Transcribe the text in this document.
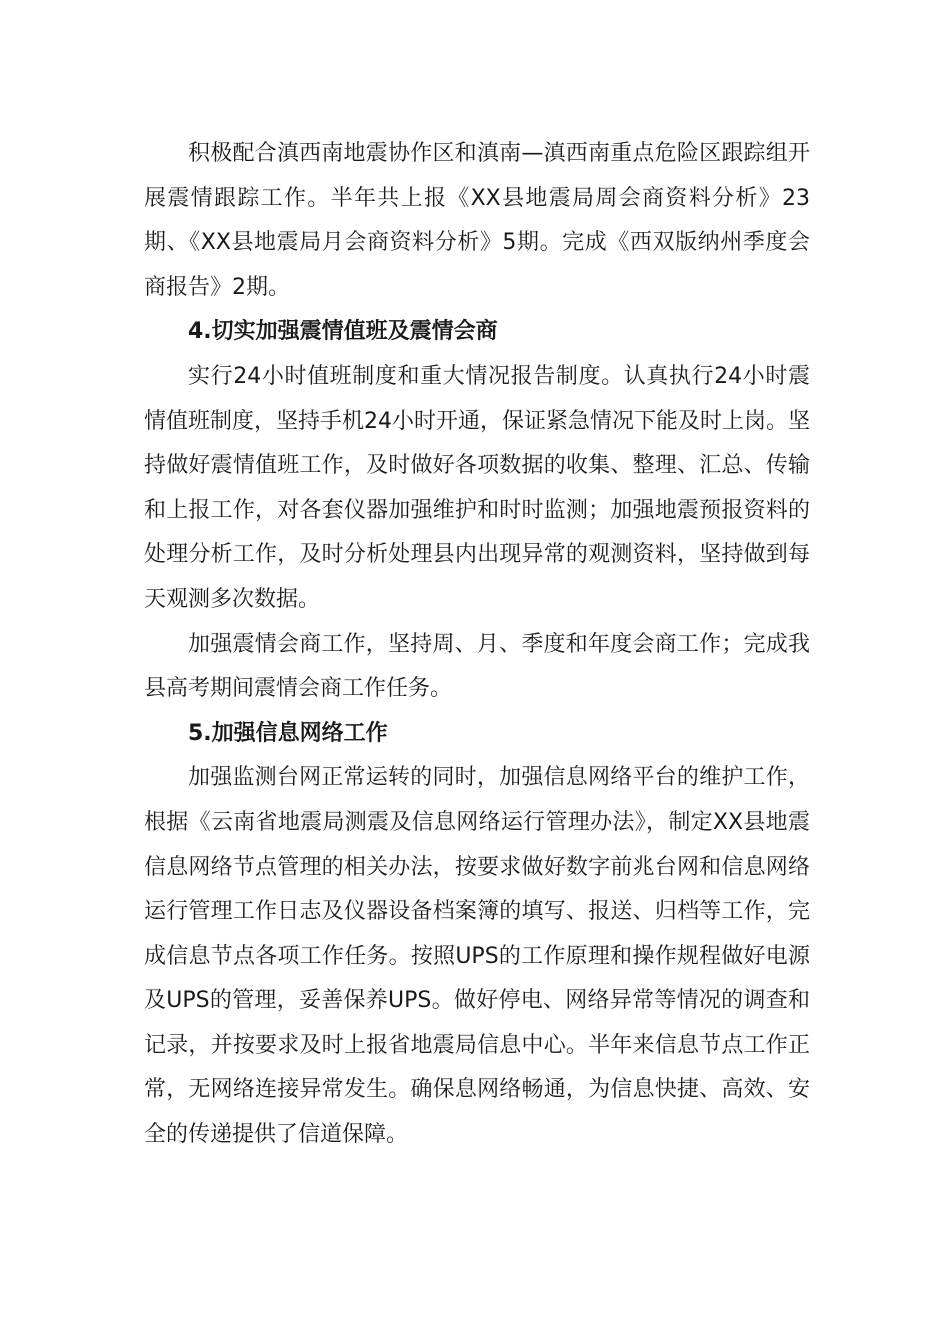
积极配合滇西南地震协作区和滇南—滇西南重点危险区跟踪组开展震情跟踪工作。半年共上报《XX县地震局周会商资料分析》23期、《XX县地震局月会商资料分析》5期。完成《西双版纳州季度会商报告》2期。

4.切实加强震情值班及震情会商

实行24小时值班制度和重大情况报告制度。认真执行24小时震情值班制度，坚持手机24小时开通，保证紧急情况下能及时上岗。坚持做好震情值班工作，及时做好各项数据的收集、整理、汇总、传输和上报工作，对各套仪器加强维护和时时监测；加强地震预报资料的处理分析工作，及时分析处理县内出现异常的观测资料，坚持做到每天观测多次数据。

加强震情会商工作，坚持周、月、季度和年度会商工作；完成我县高考期间震情会商工作任务。

5.加强信息网络工作

加强监测台网正常运转的同时，加强信息网络平台的维护工作，根据《云南省地震局测震及信息网络运行管理办法》，制定XX县地震信息网络节点管理的相关办法，按要求做好数字前兆台网和信息网络运行管理工作日志及仪器设备档案簿的填写、报送、归档等工作，完成信息节点各项工作任务。按照UPS的工作原理和操作规程做好电源及UPS的管理，妥善保养UPS。做好停电、网络异常等情况的调查和记录，并按要求及时上报省地震局信息中心。半年来信息节点工作正常，无网络连接异常发生。确保息网络畅通，为信息快捷、高效、安全的传递提供了信道保障。
